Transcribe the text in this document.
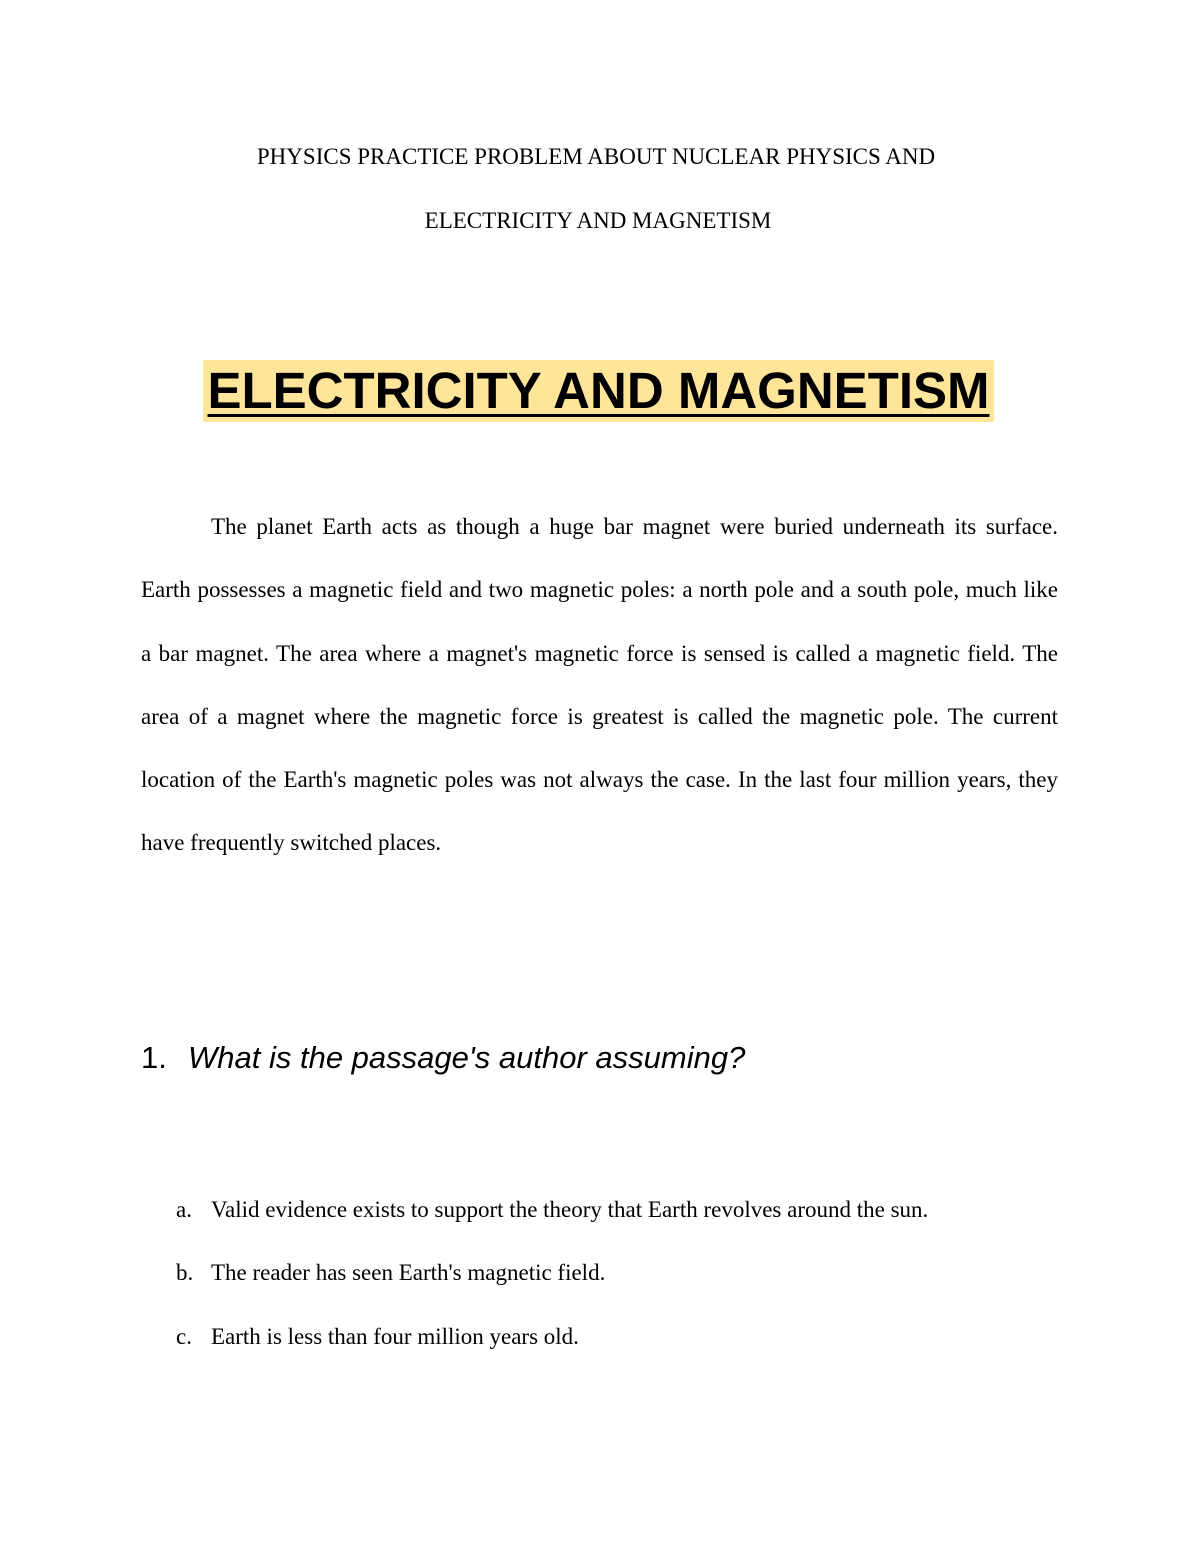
PHYSICS PRACTICE PROBLEM ABOUT NUCLEAR PHYSICS AND

ELECTRICITY AND MAGNETISM

ELECTRICITY AND MAGNETISM

The planet Earth acts as though a huge bar magnet were buried underneath its surface. Earth possesses a magnetic field and two magnetic poles: a north pole and a south pole, much like a bar magnet. The area where a magnet's magnetic force is sensed is called a magnetic field. The area of a magnet where the magnetic force is greatest is called the magnetic pole. The current location of the Earth's magnetic poles was not always the case. In the last four million years, they have frequently switched places.

1. What is the passage's author assuming?
a. Valid evidence exists to support the theory that Earth revolves around the sun.
b. The reader has seen Earth's magnetic field.
c. Earth is less than four million years old.
